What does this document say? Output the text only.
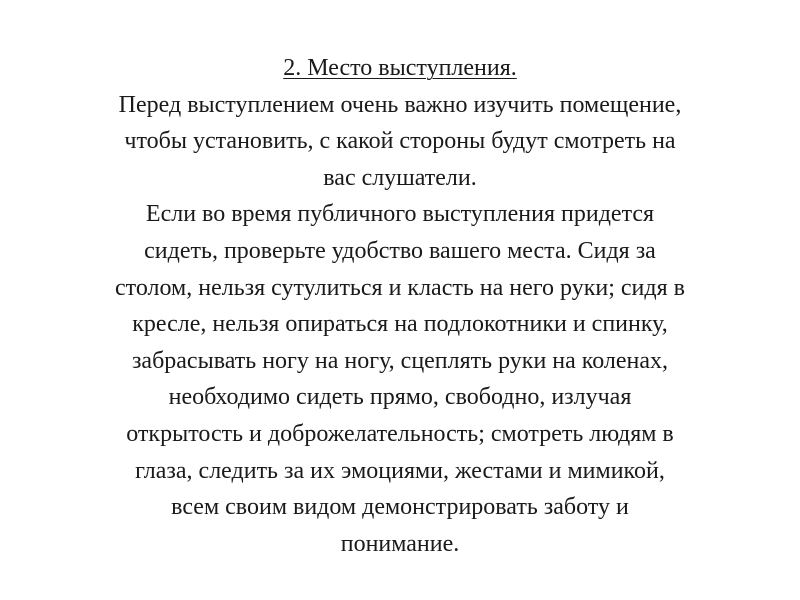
2. Место выступления.
Перед выступлением очень важно изучить помещение,
чтобы установить, с какой стороны будут смотреть на
вас слушатели.
Если во время публичного выступления придется
сидеть, проверьте удобство вашего места. Сидя за
столом, нельзя сутулиться и класть на него руки; сидя в
кресле, нельзя опираться на подлокотники и спинку,
забрасывать ногу на ногу, сцеплять руки на коленах,
необходимо сидеть прямо, свободно, излучая
открытость и доброжелательность; смотреть людям в
глаза, следить за их эмоциями, жестами и мимикой,
всем своим видом демонстрировать заботу и
понимание.
